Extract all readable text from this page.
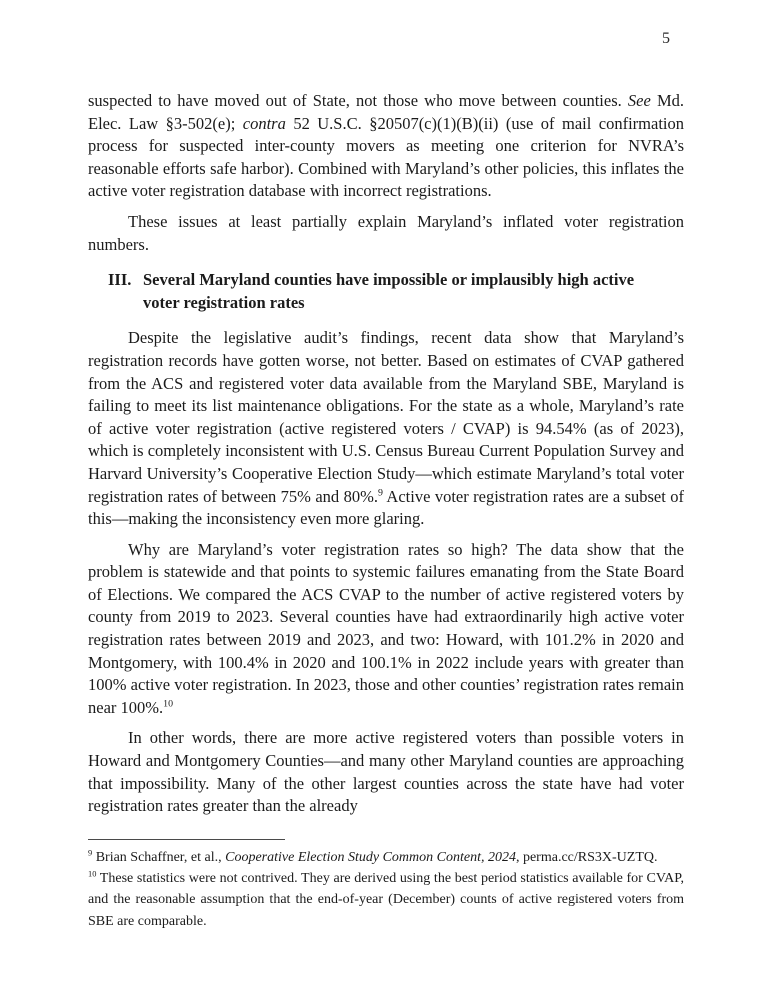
5

suspected to have moved out of State, not those who move between counties. See Md. Elec. Law §3-502(e); contra 52 U.S.C. §20507(c)(1)(B)(ii) (use of mail confirmation process for suspected inter-county movers as meeting one criterion for NVRA’s reasonable efforts safe harbor). Combined with Maryland’s other policies, this inflates the active voter registration database with incorrect registrations.

These issues at least partially explain Maryland’s inflated voter registration numbers.

III. Several Maryland counties have impossible or implausibly high active voter registration rates

Despite the legislative audit’s findings, recent data show that Maryland’s registration records have gotten worse, not better. Based on estimates of CVAP gathered from the ACS and registered voter data available from the Maryland SBE, Maryland is failing to meet its list maintenance obligations. For the state as a whole, Maryland’s rate of active voter registration (active registered voters / CVAP) is 94.54% (as of 2023), which is completely inconsistent with U.S. Census Bureau Current Population Survey and Harvard University’s Cooperative Election Study—which estimate Maryland’s total voter registration rates of between 75% and 80%.$^9$ Active voter registration rates are a subset of this—making the inconsistency even more glaring.

Why are Maryland’s voter registration rates so high? The data show that the problem is statewide and that points to systemic failures emanating from the State Board of Elections. We compared the ACS CVAP to the number of active registered voters by county from 2019 to 2023. Several counties have had extraordinarily high active voter registration rates between 2019 and 2023, and two: Howard, with 101.2% in 2020 and Montgomery, with 100.4% in 2020 and 100.1% in 2022 include years with greater than 100% active voter registration. In 2023, those and other counties’ registration rates remain near 100%.$^{10}$

In other words, there are more active registered voters than possible voters in Howard and Montgomery Counties—and many other Maryland counties are approaching that impossibility. Many of the other largest counties across the state have had voter registration rates greater than the already

$^9$ Brian Schaffner, et al., Cooperative Election Study Common Content, 2024, perma.cc/RS3X-UZTQ.

$^{10}$ These statistics were not contrived. They are derived using the best period statistics available for CVAP, and the reasonable assumption that the end-of-year (December) counts of active registered voters from SBE are comparable.
